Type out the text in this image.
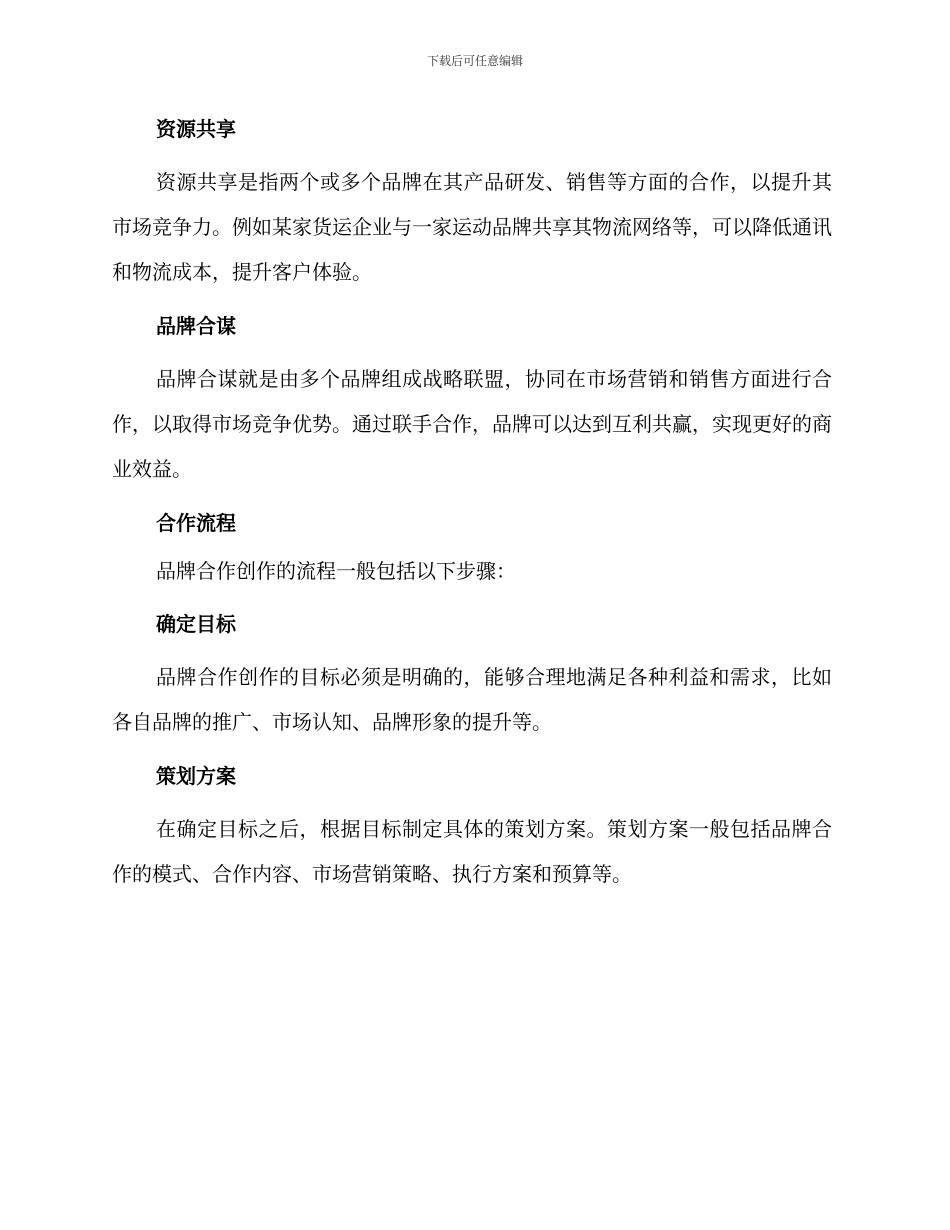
下载后可任意编辑
资源共享

资源共享是指两个或多个品牌在其产品研发、销售等方面的合作，以提升其市场竞争力。例如某家货运企业与一家运动品牌共享其物流网络等，可以降低通讯和物流成本，提升客户体验。

品牌合谋

品牌合谋就是由多个品牌组成战略联盟，协同在市场营销和销售方面进行合作，以取得市场竞争优势。通过联手合作，品牌可以达到互利共赢，实现更好的商业效益。

合作流程

品牌合作创作的流程一般包括以下步骤：

确定目标

品牌合作创作的目标必须是明确的，能够合理地满足各种利益和需求，比如各自品牌的推广、市场认知、品牌形象的提升等。

策划方案

在确定目标之后，根据目标制定具体的策划方案。策划方案一般包括品牌合作的模式、合作内容、市场营销策略、执行方案和预算等。
